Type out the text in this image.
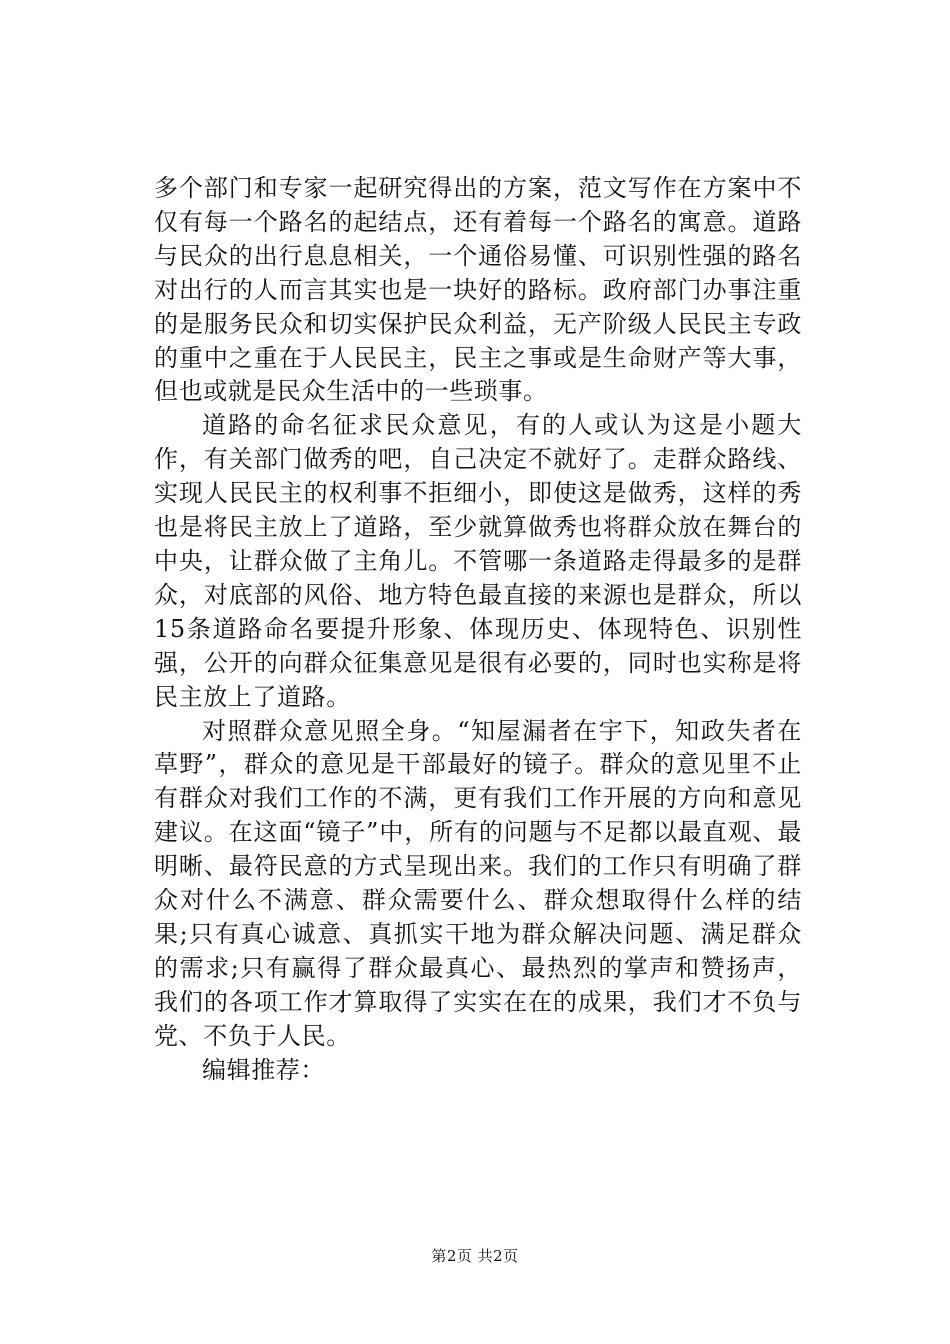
多个部门和专家一起研究得出的方案，范文写作在方案中不仅有每一个路名的起结点，还有着每一个路名的寓意。道路与民众的出行息息相关，一个通俗易懂、可识别性强的路名对出行的人而言其实也是一块好的路标。政府部门办事注重的是服务民众和切实保护民众利益，无产阶级人民民主专政的重中之重在于人民民主，民主之事或是生命财产等大事，但也或就是民众生活中的一些琐事。

道路的命名征求民众意见，有的人或认为这是小题大作，有关部门做秀的吧，自己决定不就好了。走群众路线、实现人民民主的权利事不拒细小，即使这是做秀，这样的秀也是将民主放上了道路，至少就算做秀也将群众放在舞台的中央，让群众做了主角儿。不管哪一条道路走得最多的是群众，对底部的风俗、地方特色最直接的来源也是群众，所以15条道路命名要提升形象、体现历史、体现特色、识别性强，公开的向群众征集意见是很有必要的，同时也实称是将民主放上了道路。

对照群众意见照全身。“知屋漏者在宇下，知政失者在草野”，群众的意见是干部最好的镜子。群众的意见里不止有群众对我们工作的不满，更有我们工作开展的方向和意见建议。在这面“镜子”中，所有的问题与不足都以最直观、最明晰、最符民意的方式呈现出来。我们的工作只有明确了群众对什么不满意、群众需要什么、群众想取得什么样的结果;只有真心诚意、真抓实干地为群众解决问题、满足群众的需求;只有赢得了群众最真心、最热烈的掌声和赞扬声，我们的各项工作才算取得了实实在在的成果，我们才不负与党、不负于人民。

编辑推荐：

第2页 共2页
